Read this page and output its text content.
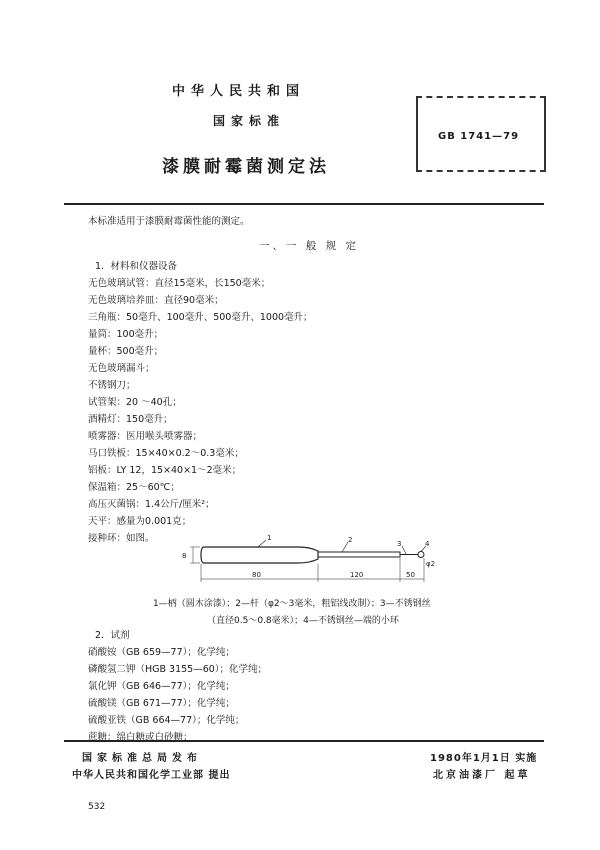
中华人民共和国
国家标准
漆膜耐霉菌测定法
GB 1741—79
本标准适用于漆膜耐霉菌性能的测定。
一、一 般 规 定
1．材料和仪器设备
无色玻璃试管：直径15毫米，长150毫米；
无色玻璃培养皿：直径90毫米；
三角瓶：50毫升、100毫升、500毫升、1000毫升；
量筒：100毫升；
量杯：500毫升；
无色玻璃漏斗；
不锈钢刀；
试管架：20 ～40孔；
酒精灯：150毫升；
喷雾器：医用喉头喷雾器；
马口铁板：15×40×0.2～0.3毫米；
铝板：LY 12，15×40×1～2毫米；
保温箱：25～60℃；
高压灭菌锅：1.4公斤/厘米²；
天平：感量为0.001克；
接种环：如图。	1	2	3	4
8
φ2
80	120	50
1—柄（圆木涂漆）；2—杆（φ2～3毫米，粗铝线改制）；3—不锈钢丝
（直径0.5～0.8毫米）；4—不锈钢丝—端的小环
2．试剂
硝酸铵（GB 659—77）；化学纯；
磷酸氢二钾（HGB 3155—60）；化学纯；
氯化钾（GB 646—77）；化学纯；
硫酸镁（GB 671—77）；化学纯；
硫酸亚铁（GB 664—77）；化学纯；
蔗糖：绵白糖或白砂糖；
国家标准总局发布
中华人民共和国化学工业部 提出
1980年1月1日 实施
北京油漆厂 起草
532
